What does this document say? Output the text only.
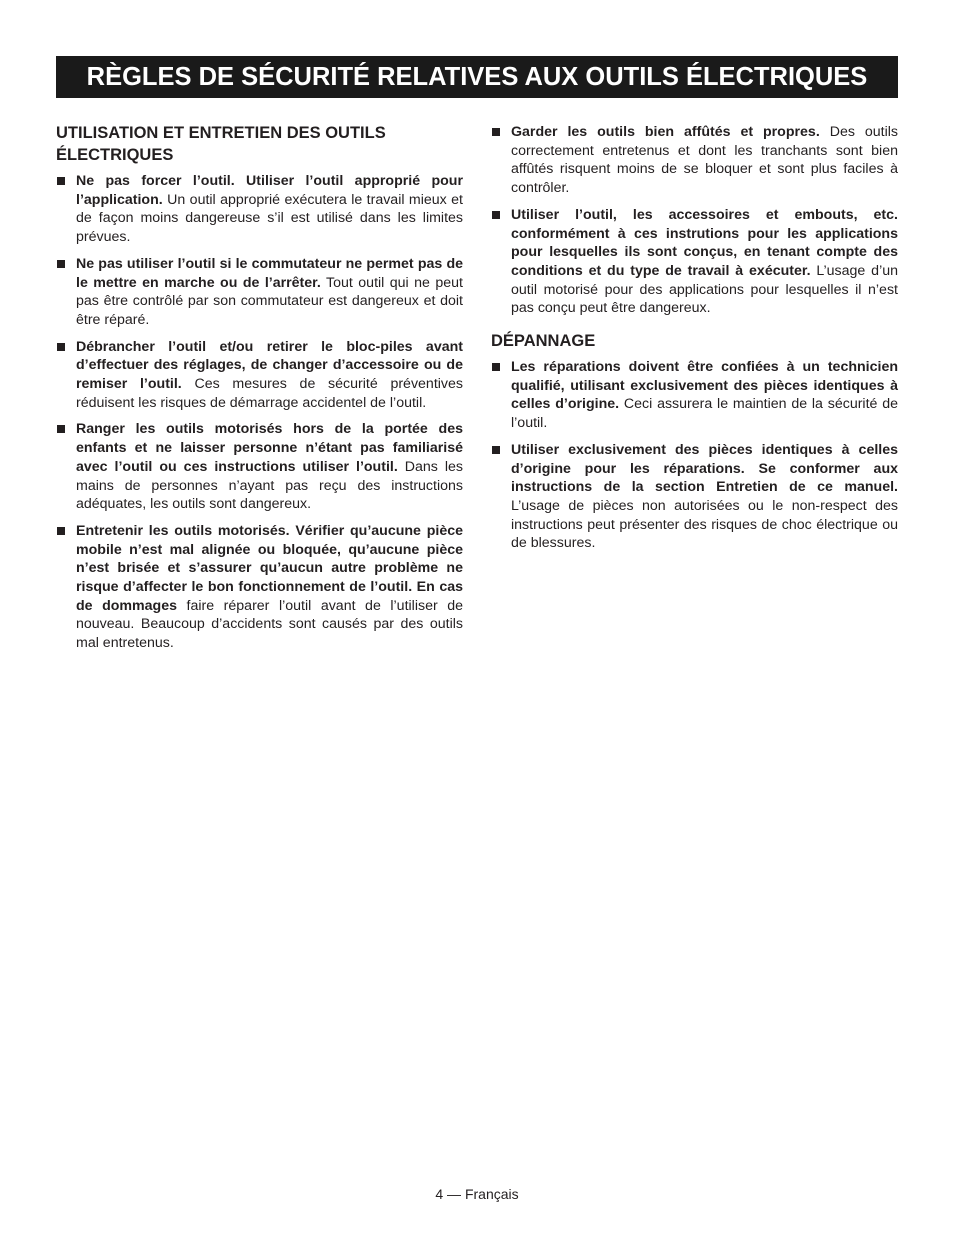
RÈGLES DE SÉCURITÉ RELATIVES AUX OUTILS ÉLECTRIQUES
UTILISATION ET ENTRETIEN DES OUTILS ÉLECTRIQUES
Ne pas forcer l’outil. Utiliser l’outil approprié pour l’application. Un outil approprié exécutera le travail mieux et de façon moins dangereuse s’il est utilisé dans les limites prévues.
Ne pas utiliser l’outil si le commutateur ne permet pas de le mettre en marche ou de l’arrêter. Tout outil qui ne peut pas être contrôlé par son commutateur est dangereux et doit être réparé.
Débrancher l’outil et/ou retirer le bloc-piles avant d’effectuer des réglages, de changer d’accessoire ou de remiser l’outil. Ces mesures de sécurité préventives réduisent les risques de démarrage accidentel de l’outil.
Ranger les outils motorisés hors de la portée des enfants et ne laisser personne n’étant pas familiarisé avec l’outil ou ces instructions utiliser l’outil. Dans les mains de personnes n’ayant pas reçu des instructions adéquates, les outils sont dangereux.
Entretenir les outils motorisés. Vérifier qu’aucune pièce mobile n’est mal alignée ou bloquée, qu’aucune pièce n’est brisée et s’assurer qu’aucun autre problème ne risque d’affecter le bon fonctionnement de l’outil. En cas de dommages faire réparer l’outil avant de l’utiliser de nouveau. Beaucoup d’accidents sont causés par des outils mal entretenus.
Garder les outils bien affûtés et propres. Des outils correctement entretenus et dont les tranchants sont bien affûtés risquent moins de se bloquer et sont plus faciles à contrôler.
Utiliser l’outil, les accessoires et embouts, etc. conformément à ces instrutions pour les applications pour lesquelles ils sont conçus, en tenant compte des conditions et du type de travail à exécuter. L’usage d’un outil motorisé pour des applications pour lesquelles il n’est pas conçu peut être dangereux.
DÉPANNAGE
Les réparations doivent être confiées à un technicien qualifié, utilisant exclusivement des pièces identiques à celles d’origine. Ceci assurera le maintien de la sécurité de l’outil.
Utiliser exclusivement des pièces identiques à celles d’origine pour les réparations. Se conformer aux instructions de la section Entretien de ce manuel. L’usage de pièces non autorisées ou le non-respect des instructions peut présenter des risques de choc électrique ou de blessures.
4 — Français
